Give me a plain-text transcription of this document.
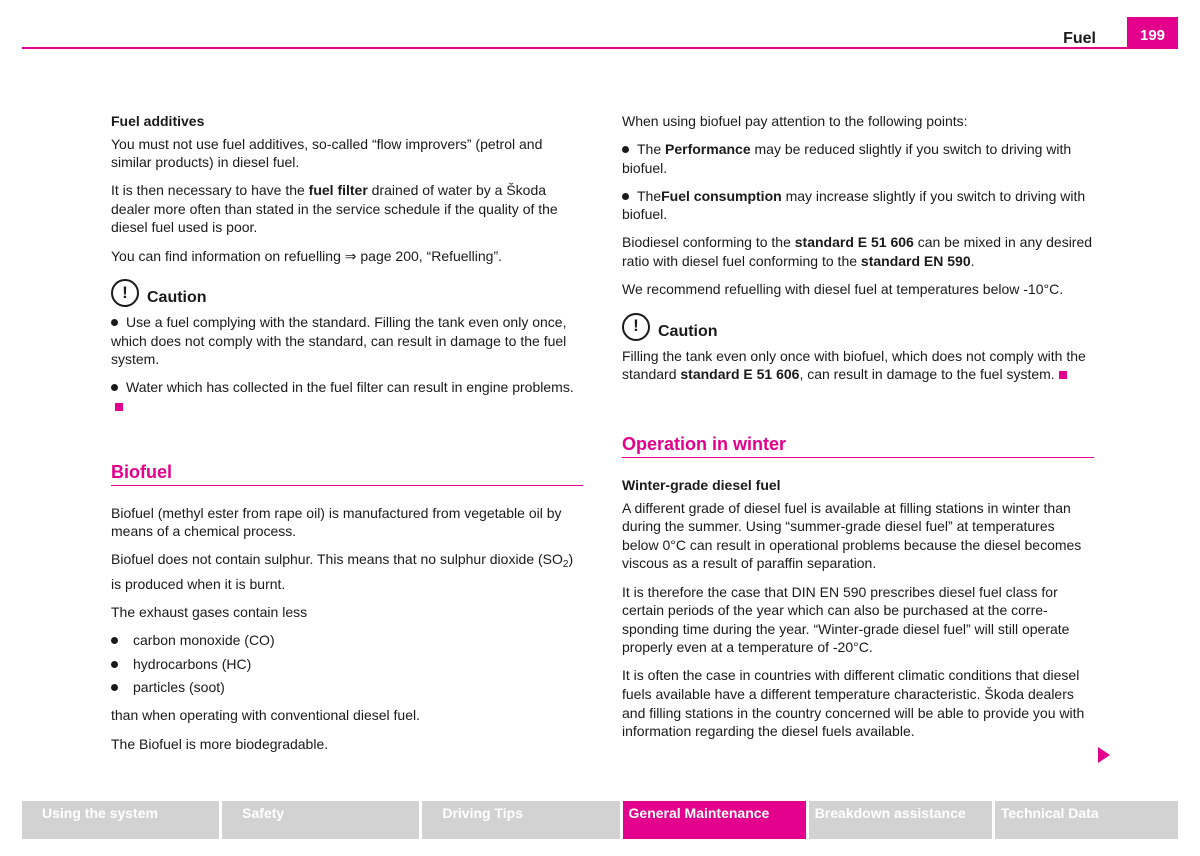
Fuel	199

Fuel additives

You must not use fuel additives, so-called “flow improvers” (petrol and similar products) in diesel fuel.

It is then necessary to have the fuel filter drained of water by a Škoda dealer more often than stated in the service schedule if the quality of the diesel fuel used is poor.

You can find information on refuelling ⇒ page 200, “Refuelling”.

!	Caution

Use a fuel complying with the standard. Filling the tank even only once, which does not comply with the standard, can result in damage to the fuel system.

Water which has collected in the fuel filter can result in engine problems.

Biofuel

Biofuel (methyl ester from rape oil) is manufactured from vegetable oil by means of a chemical process.

Biofuel does not contain sulphur. This means that no sulphur dioxide $(SO_2)$ is produced when it is burnt.

The exhaust gases contain less

carbon monoxide (CO)

hydrocarbons (HC)

particles (soot)

than when operating with conventional diesel fuel.

The Biofuel is more biodegradable.

When using biofuel pay attention to the following points:

The Performance may be reduced slightly if you switch to driving with biofuel.

TheFuel consumption may increase slightly if you switch to driving with biofuel.

Biodiesel conforming to the standard E 51 606 can be mixed in any desired ratio with diesel fuel conforming to the standard EN 590.

We recommend refuelling with diesel fuel at temperatures below -10°C.

!	Caution

Filling the tank even only once with biofuel, which does not comply with the standard standard E 51 606, can result in damage to the fuel system.

Operation in winter

Winter-grade diesel fuel

A different grade of diesel fuel is available at filling stations in winter than during the summer. Using “summer-grade diesel fuel” at temperatures below 0°C can result in operational problems because the diesel becomes viscous as a result of paraffin separation.

It is therefore the case that DIN EN 590 prescribes diesel fuel class for certain periods of the year which can also be purchased at the corre-sponding time during the year. “Winter-grade diesel fuel” will still operate properly even at a temperature of -20°C.

It is often the case in countries with different climatic conditions that diesel fuels available have a different temperature characteristic. Škoda dealers and filling stations in the country concerned will be able to provide you with information regarding the diesel fuels available.

Using the system	Safety	Driving Tips	General Maintenance	Breakdown assistance	Technical Data
